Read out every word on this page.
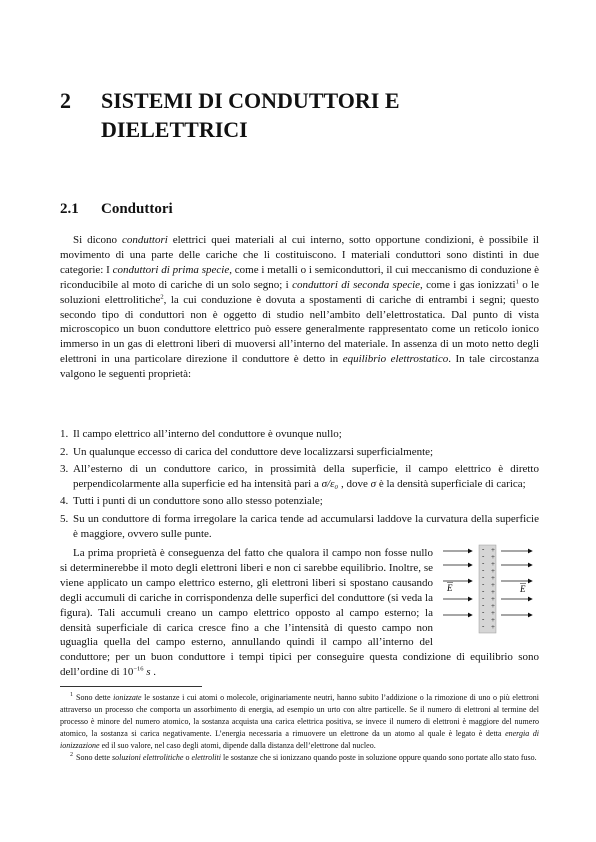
2 SISTEMI DI CONDUTTORI E
DIELETTRICI
2.1 Conduttori

Si dicono conduttori elettrici quei materiali al cui interno, sotto opportune condizioni, è possibile il movimento di una parte delle cariche che li costituiscono. I materiali conduttori sono distinti in due categorie: I conduttori di prima specie, come i metalli o i semiconduttori, il cui meccanismo di conduzione è riconducibile al moto di cariche di un solo segno; i conduttori di seconda specie, come i gas ionizzati$^1$ o le soluzioni elettrolitiche$^2$, la cui conduzione è dovuta a spostamenti di cariche di entrambi i segni; questo secondo tipo di conduttori non è oggetto di studio nell’ambito dell’elettrostatica. Dal punto di vista microscopico un buon conduttore elettrico può essere generalmente rappresentato come un reticolo ionico immerso in un gas di elettroni liberi di muoversi all’interno del materiale. In assenza di un moto netto degli elettroni in una particolare direzione il conduttore è detto in equilibrio elettrostatico. In tale circostanza valgono le seguenti proprietà:

1. Il campo elettrico all’interno del conduttore è ovunque nullo;
2. Un qualunque eccesso di carica del conduttore deve localizzarsi superficialmente;
3. All’esterno di un conduttore carico, in prossimità della superficie, il campo elettrico è diretto perpendicolarmente alla superficie ed ha intensità pari a σ/ε₀ , dove σ è la densità superficiale di carica;
4. Tutti i punti di un conduttore sono allo stesso potenziale;
5. Su un conduttore di forma irregolare la carica tende ad accumularsi laddove la curvatura della superficie è maggiore, ovvero sulle punte.
-
-
-
-
-
-
-
-
-
-
-
-
+
+
+
+
+
+
+
+
+
+
+
+
E	E
La prima proprietà è conseguenza del fatto che qualora il campo non fosse nullo si determinerebbe il moto degli elettroni liberi e non ci sarebbe equilibrio. Inoltre, se viene applicato un campo elettrico esterno, gli elettroni liberi si spostano causando degli accumuli di cariche in corrispondenza delle superfici del conduttore (si veda la figura). Tali accumuli creano un campo elettrico opposto al campo esterno; la densità superficiale di carica cresce fino a che l’intensità di questo campo non uguaglia quella del campo esterno, annullando quindi il campo all’interno del conduttore; per un buon conduttore i tempi tipici per conseguire questa condizione di equilibrio sono dell’ordine di $10^{-16}$ s .

$^1$ Sono dette ionizzate le sostanze i cui atomi o molecole, originariamente neutri, hanno subito l’addizione o la rimozione di uno o più elettroni attraverso un processo che comporta un assorbimento di energia, ad esempio un urto con altre particelle. Se il numero di elettroni al termine del processo è minore del numero atomico, la sostanza acquista una carica elettrica positiva, se invece il numero di elettroni è maggiore del numero atomico, la sostanza si carica negativamente. L’energia necessaria a rimuovere un elettrone da un atomo al quale è legato è detta energia di ionizzazione ed il suo valore, nel caso degli atomi, dipende dalla distanza dell’elettrone dal nucleo.

$^2$ Sono dette soluzioni elettrolitiche o elettroliti le sostanze che si ionizzano quando poste in soluzione oppure quando sono portate allo stato fuso.
